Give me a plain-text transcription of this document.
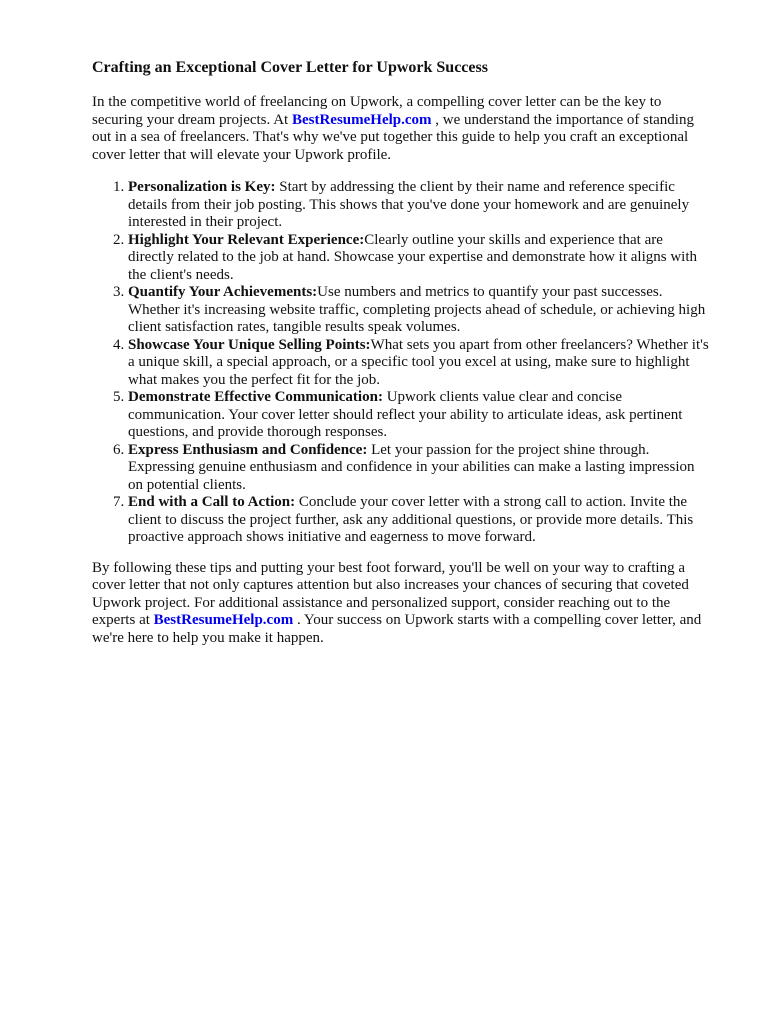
Crafting an Exceptional Cover Letter for Upwork Success

In the competitive world of freelancing on Upwork, a compelling cover letter can be the key to securing your dream projects. At BestResumeHelp.com , we understand the importance of standing out in a sea of freelancers. That's why we've put together this guide to help you craft an exceptional cover letter that will elevate your Upwork profile.

1. Personalization is Key: Start by addressing the client by their name and reference specific details from their job posting. This shows that you've done your homework and are genuinely interested in their project.
2. Highlight Your Relevant Experience:Clearly outline your skills and experience that are directly related to the job at hand. Showcase your expertise and demonstrate how it aligns with the client's needs.
3. Quantify Your Achievements:Use numbers and metrics to quantify your past successes. Whether it's increasing website traffic, completing projects ahead of schedule, or achieving high client satisfaction rates, tangible results speak volumes.
4. Showcase Your Unique Selling Points:What sets you apart from other freelancers? Whether it's a unique skill, a special approach, or a specific tool you excel at using, make sure to highlight what makes you the perfect fit for the job.
5. Demonstrate Effective Communication: Upwork clients value clear and concise communication. Your cover letter should reflect your ability to articulate ideas, ask pertinent questions, and provide thorough responses.
6. Express Enthusiasm and Confidence: Let your passion for the project shine through. Expressing genuine enthusiasm and confidence in your abilities can make a lasting impression on potential clients.
7. End with a Call to Action: Conclude your cover letter with a strong call to action. Invite the client to discuss the project further, ask any additional questions, or provide more details. This proactive approach shows initiative and eagerness to move forward.

By following these tips and putting your best foot forward, you'll be well on your way to crafting a cover letter that not only captures attention but also increases your chances of securing that coveted Upwork project. For additional assistance and personalized support, consider reaching out to the experts at BestResumeHelp.com . Your success on Upwork starts with a compelling cover letter, and we're here to help you make it happen.
